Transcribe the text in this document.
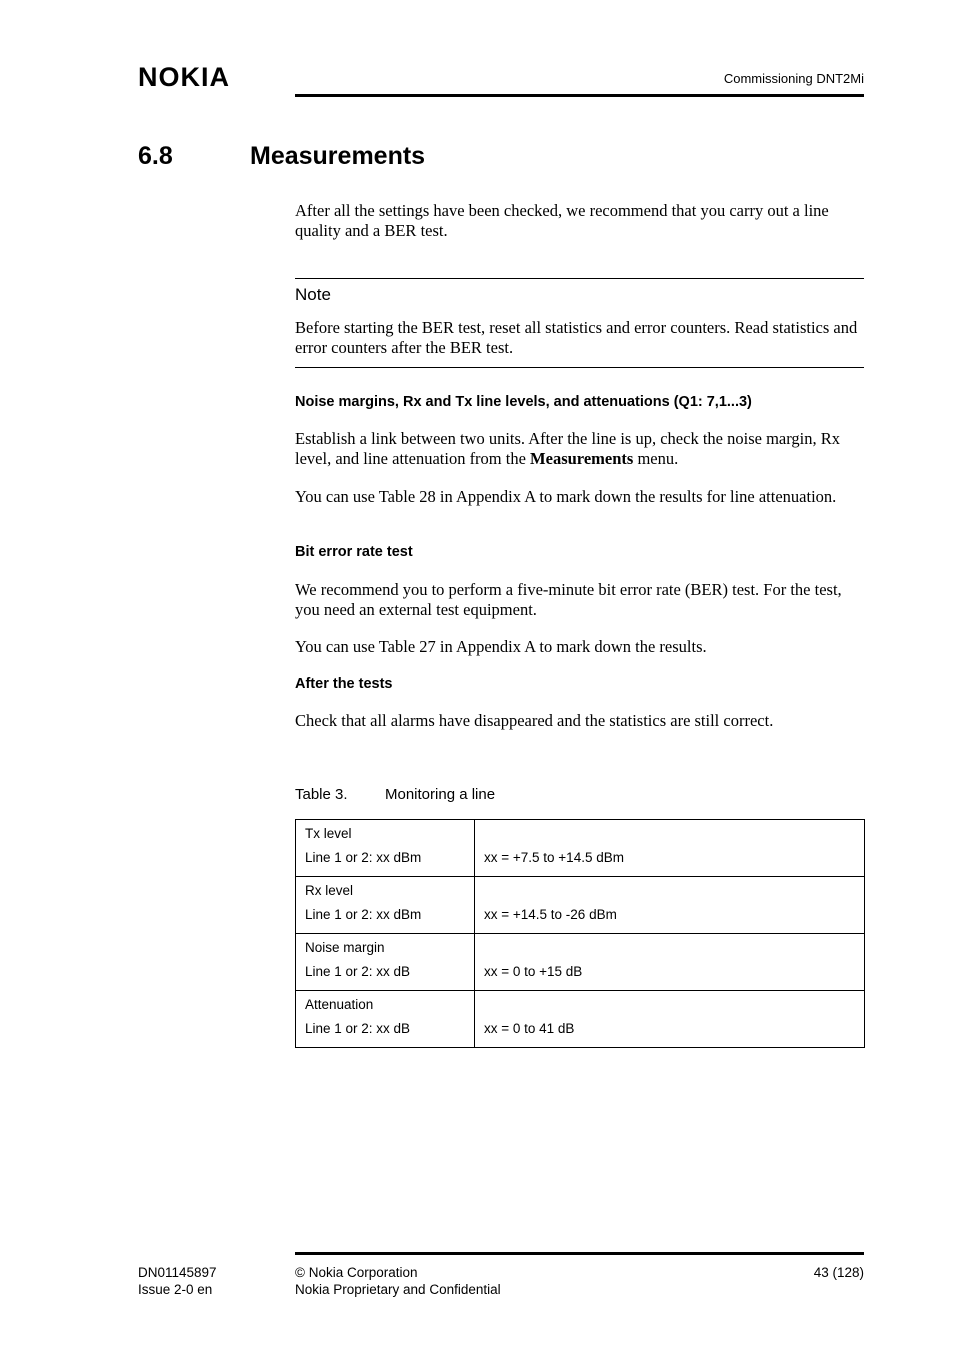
NOKIA	Commissioning DNT2Mi
6.8	Measurements
After all the settings have been checked, we recommend that you carry out a line quality and a BER test.
Note
Before starting the BER test, reset all statistics and error counters. Read statistics and error counters after the BER test.
Noise margins, Rx and Tx line levels, and attenuations (Q1: 7,1...3)
Establish a link between two units. After the line is up, check the noise margin, Rx level, and line attenuation from the Measurements menu.
You can use Table 28 in Appendix A to mark down the results for line attenuation.
Bit error rate test
We recommend you to perform a five-minute bit error rate (BER) test. For the test, you need an external test equipment.
You can use Table 27 in Appendix A to mark down the results.
After the tests
Check that all alarms have disappeared and the statistics are still correct.
Table 3. Monitoring a line
Tx level
Line 1 or 2: xx dBm	xx = +7.5 to +14.5 dBm

Rx level
Line 1 or 2: xx dBm	xx = +14.5 to -26 dBm

Noise margin
Line 1 or 2: xx dB	xx = 0 to +15 dB

Attenuation
Line 1 or 2: xx dB	xx = 0 to 41 dB
DN01145897
Issue 2-0 en
© Nokia Corporation
Nokia Proprietary and Confidential
43 (128)
